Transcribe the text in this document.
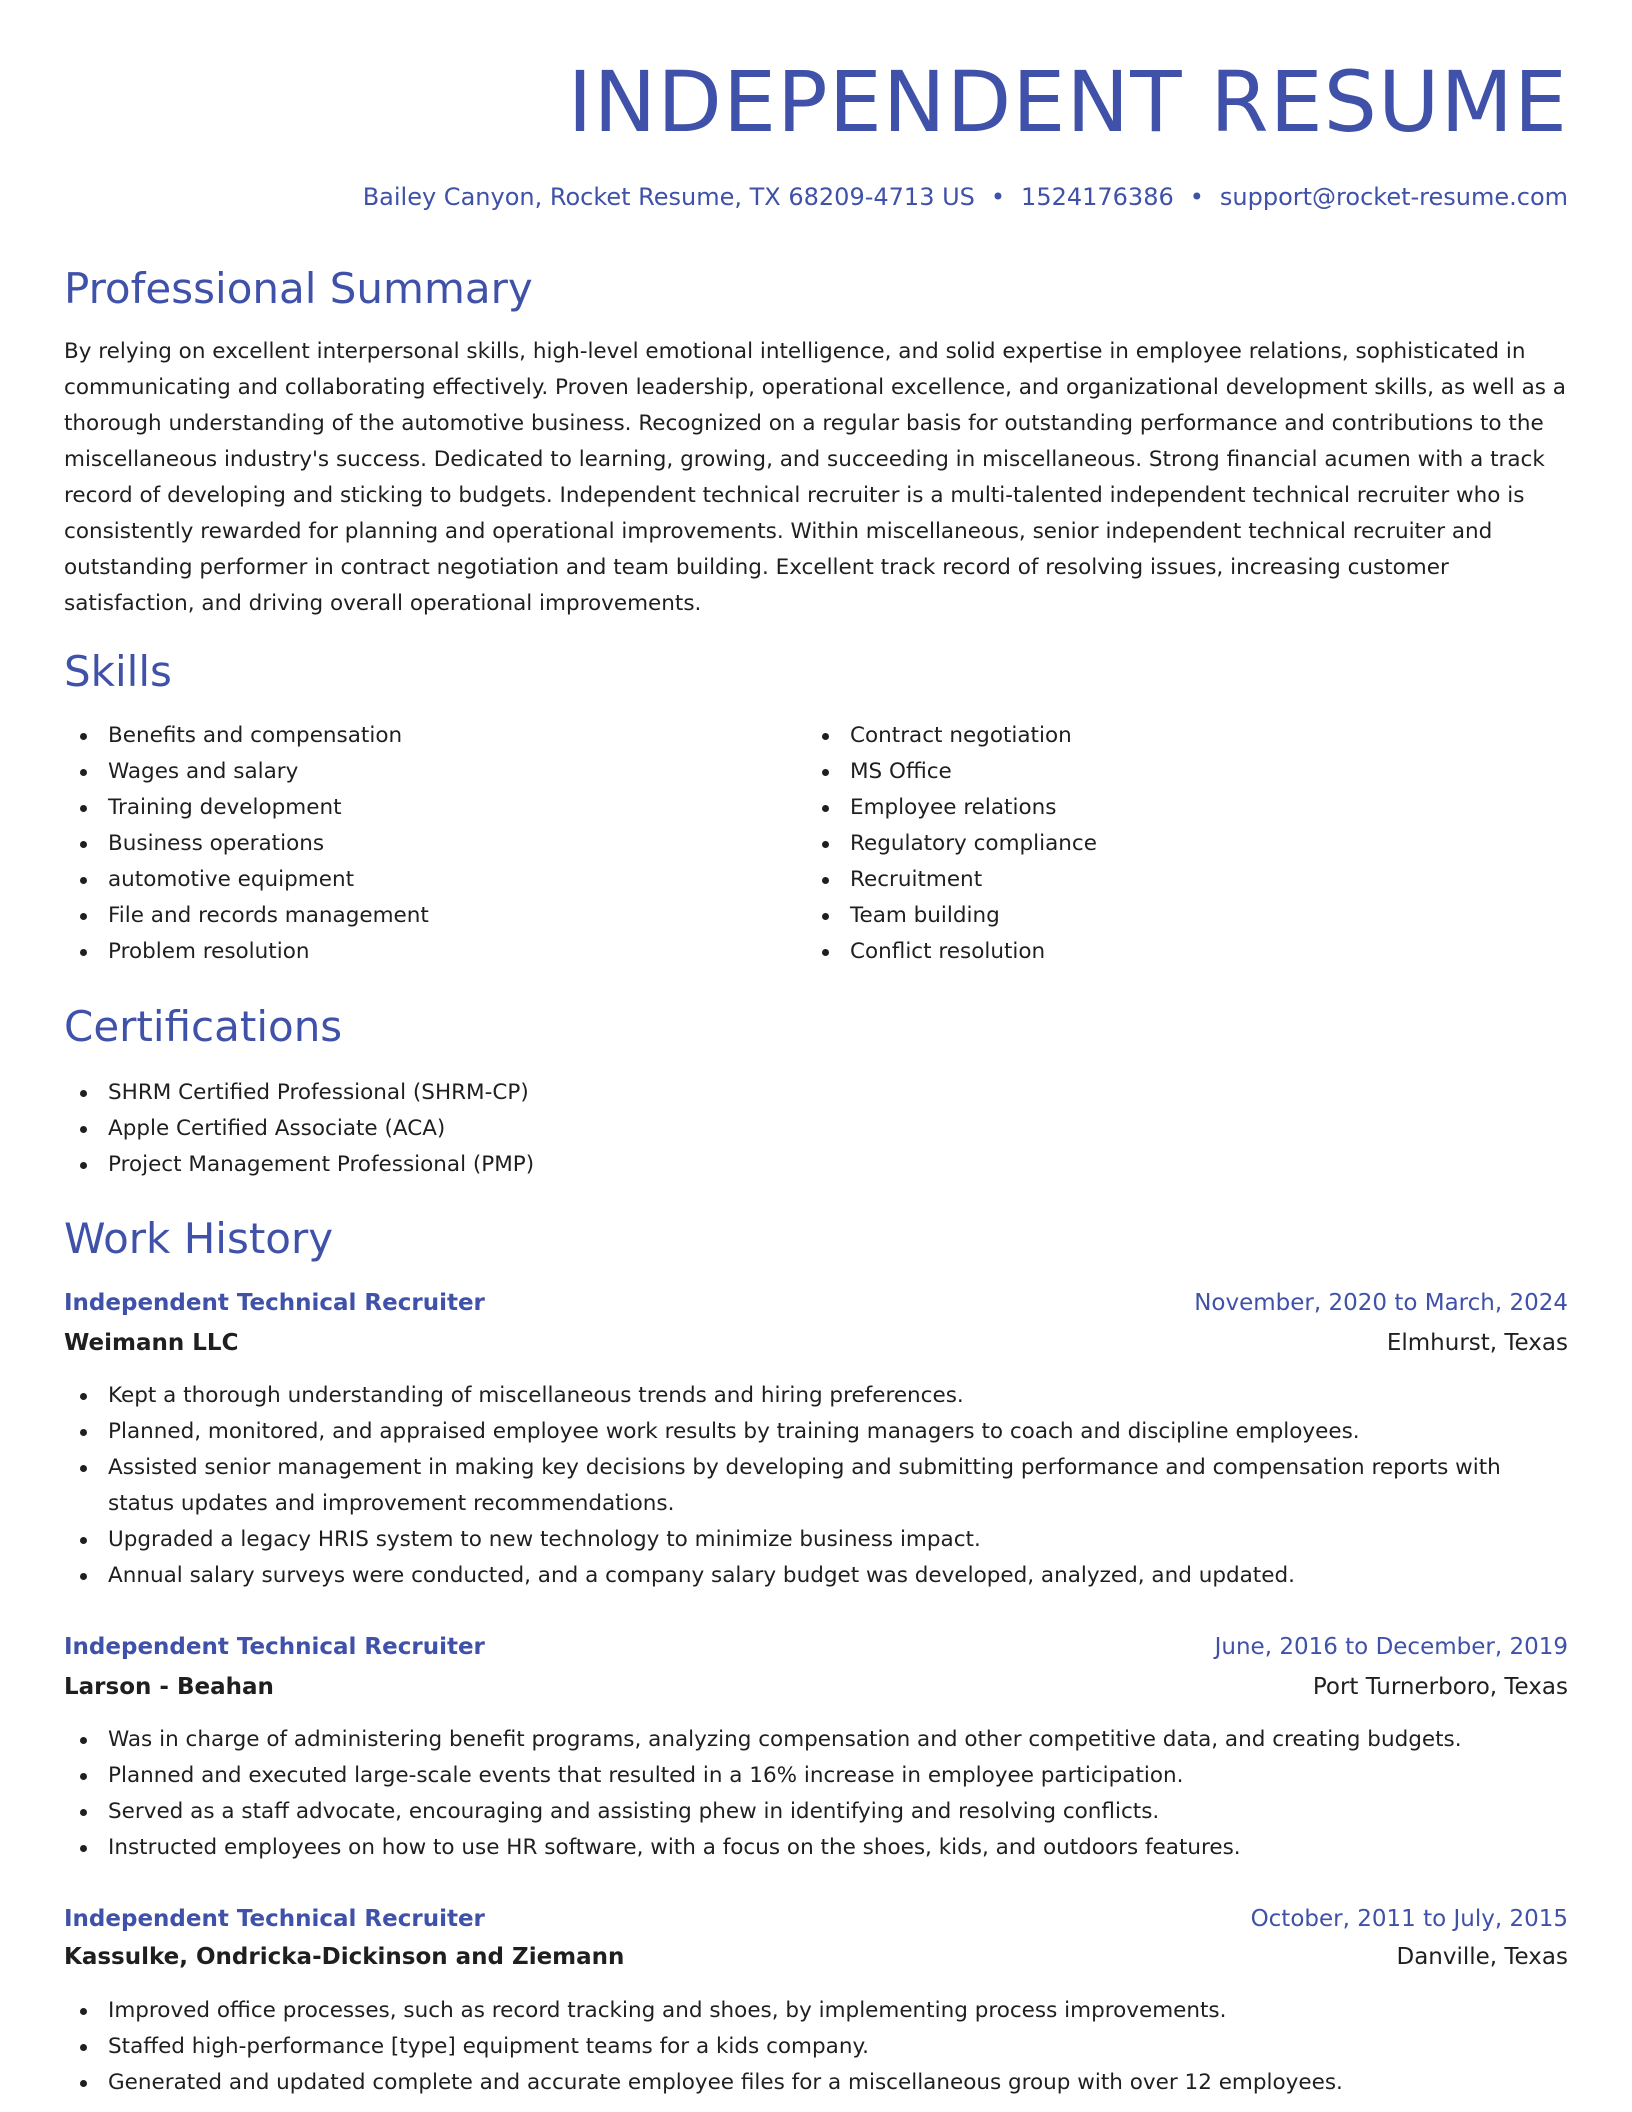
INDEPENDENT RESUME
Bailey Canyon, Rocket Resume, TX 68209-4713 US • 1524176386 • support@rocket-resume.com
Professional Summary

By relying on excellent interpersonal skills, high-level emotional intelligence, and solid expertise in employee relations, sophisticated in communicating and collaborating effectively. Proven leadership, operational excellence, and organizational development skills, as well as a thorough understanding of the automotive business. Recognized on a regular basis for outstanding performance and contributions to the miscellaneous industry's success. Dedicated to learning, growing, and succeeding in miscellaneous. Strong financial acumen with a track record of developing and sticking to budgets. Independent technical recruiter is a multi-talented independent technical recruiter who is consistently rewarded for planning and operational improvements. Within miscellaneous, senior independent technical recruiter and outstanding performer in contract negotiation and team building. Excellent track record of resolving issues, increasing customer satisfaction, and driving overall operational improvements.

Skills
Benefits and compensation
Wages and salary
Training development
Business operations
automotive equipment
File and records management
Problem resolution
Contract negotiation
MS Office
Employee relations
Regulatory compliance
Recruitment
Team building
Conflict resolution
Certifications
SHRM Certified Professional (SHRM-CP)
Apple Certified Associate (ACA)
Project Management Professional (PMP)
Work History
Independent Technical Recruiter	November, 2020 to March, 2024
Weimann LLC	Elmhurst, Texas
Kept a thorough understanding of miscellaneous trends and hiring preferences.
Planned, monitored, and appraised employee work results by training managers to coach and discipline employees.
Assisted senior management in making key decisions by developing and submitting performance and compensation reports with status updates and improvement recommendations.
Upgraded a legacy HRIS system to new technology to minimize business impact.
Annual salary surveys were conducted, and a company salary budget was developed, analyzed, and updated.
Independent Technical Recruiter	June, 2016 to December, 2019
Larson - Beahan	Port Turnerboro, Texas
Was in charge of administering benefit programs, analyzing compensation and other competitive data, and creating budgets.
Planned and executed large-scale events that resulted in a 16% increase in employee participation.
Served as a staff advocate, encouraging and assisting phew in identifying and resolving conflicts.
Instructed employees on how to use HR software, with a focus on the shoes, kids, and outdoors features.
Independent Technical Recruiter	October, 2011 to July, 2015
Kassulke, Ondricka-Dickinson and Ziemann	Danville, Texas
Improved office processes, such as record tracking and shoes, by implementing process improvements.
Staffed high-performance [type] equipment teams for a kids company.
Generated and updated complete and accurate employee files for a miscellaneous group with over 12 employees.
